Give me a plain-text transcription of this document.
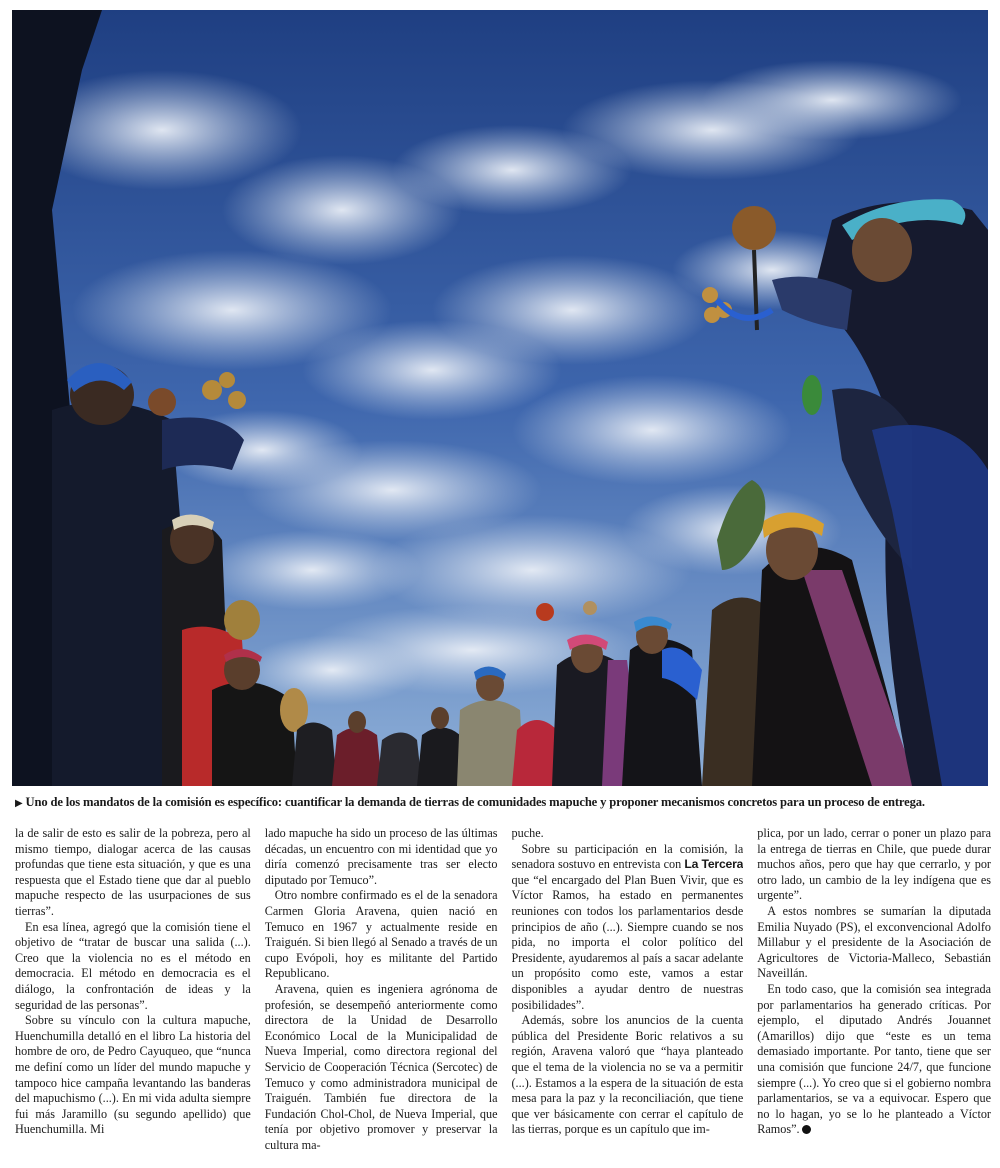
▶ Uno de los mandatos de la comisión es específico: cuantificar la demanda de tierras de comunidades mapuche y proponer mecanismos concretos para un proceso de entrega.

la de salir de esto es salir de la pobreza, pero al mismo tiempo, dialogar acerca de las causas profundas que tiene esta situación, y que es una respuesta que el Estado tiene que dar al pueblo mapuche respecto de las usurpaciones de sus tierras”.

En esa línea, agregó que la comisión tiene el objetivo de “tratar de buscar una salida (...). Creo que la violencia no es el método en democracia. El método en democracia es el diálogo, la confrontación de ideas y la seguridad de las personas”.

Sobre su vínculo con la cultura mapuche, Huenchumilla detalló en el libro La historia del hombre de oro, de Pedro Cayuqueo, que “nunca me definí como un líder del mundo mapuche y tampoco hice campaña levantando las banderas del mapuchismo (...). En mi vida adulta siempre fui más Jaramillo (su segundo apellido) que Huenchumilla. Mi

lado mapuche ha sido un proceso de las últimas décadas, un encuentro con mi identidad que yo diría comenzó precisamente tras ser electo diputado por Temuco”.

Otro nombre confirmado es el de la senadora Carmen Gloria Aravena, quien nació en Temuco en 1967 y actualmente reside en Traiguén. Si bien llegó al Senado a través de un cupo Evópoli, hoy es militante del Partido Republicano.

Aravena, quien es ingeniera agrónoma de profesión, se desempeñó anteriormente como directora de la Unidad de Desarrollo Económico Local de la Municipalidad de Nueva Imperial, como directora regional del Servicio de Cooperación Técnica (Sercotec) de Temuco y como administradora municipal de Traiguén. También fue directora de la Fundación Chol-Chol, de Nueva Imperial, que tenía por objetivo promover y preservar la cultura ma-

puche.

Sobre su participación en la comisión, la senadora sostuvo en entrevista con La Tercera que “el encargado del Plan Buen Vivir, que es Víctor Ramos, ha estado en permanentes reuniones con todos los parlamentarios desde principios de año (...). Siempre cuando se nos pida, no importa el color político del Presidente, ayudaremos al país a sacar adelante un propósito como este, vamos a estar disponibles a ayudar dentro de nuestras posibilidades”.

Además, sobre los anuncios de la cuenta pública del Presidente Boric relativos a su región, Aravena valoró que “haya planteado que el tema de la violencia no se va a permitir (...). Estamos a la espera de la situación de esta mesa para la paz y la reconciliación, que tiene que ver básicamente con cerrar el capítulo de las tierras, porque es un capítulo que im-

plica, por un lado, cerrar o poner un plazo para la entrega de tierras en Chile, que puede durar muchos años, pero que hay que cerrarlo, y por otro lado, un cambio de la ley indígena que es urgente”.

A estos nombres se sumarían la diputada Emilia Nuyado (PS), el exconvencional Adolfo Millabur y el presidente de la Asociación de Agricultores de Victoria-Malleco, Sebastián Naveillán.

En todo caso, que la comisión sea integrada por parlamentarios ha generado críticas. Por ejemplo, el diputado Andrés Jouannet (Amarillos) dijo que “este es un tema demasiado importante. Por tanto, tiene que ser una comisión que funcione 24/7, que funcione siempre (...). Yo creo que si el gobierno nombra parlamentarios, se va a equivocar. Espero que no lo hagan, yo se lo he planteado a Víctor Ramos”.
